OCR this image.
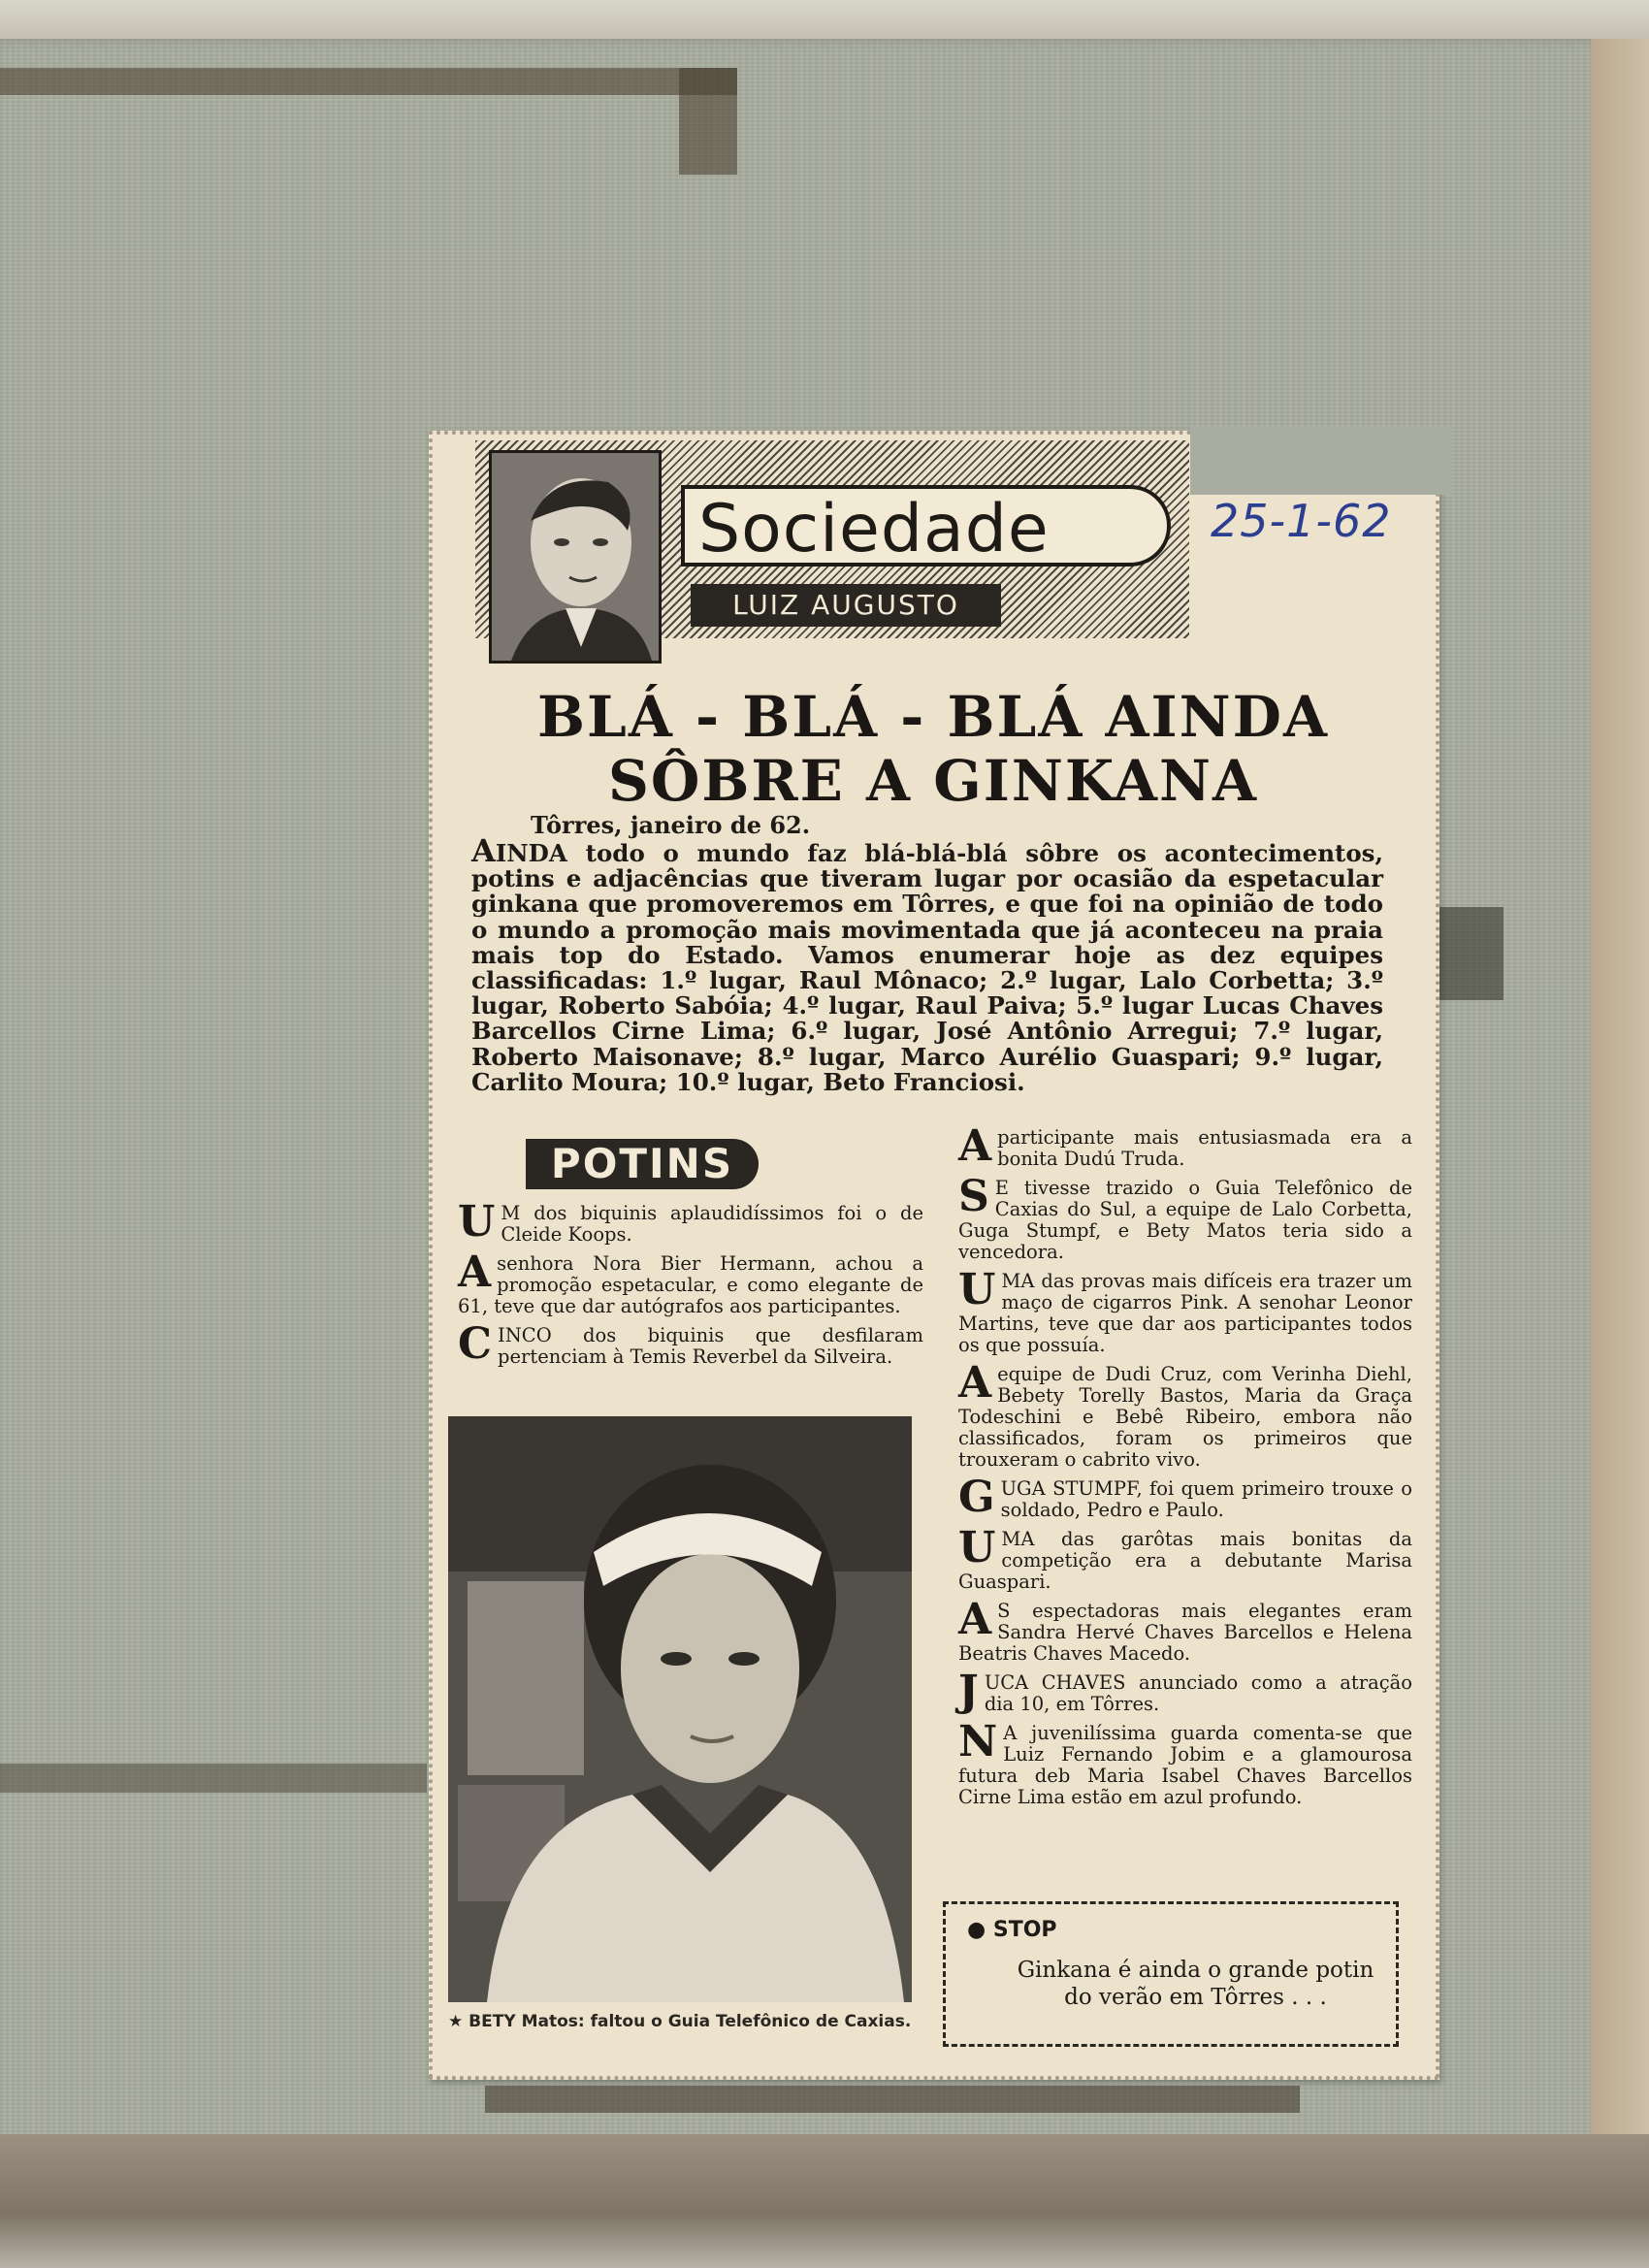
Sociedade
LUIZ AUGUSTO
25-1-62
BLÁ - BLÁ - BLÁ AINDA
SÔBRE A GINKANA
Tôrres, janeiro de 62.
AINDA todo o mundo faz blá-blá-blá sôbre os acontecimentos, potins e adjacências que tiveram lugar por ocasião da espetacular ginkana que promoveremos em Tôrres, e que foi na opinião de todo o mundo a promoção mais movimentada que já aconteceu na praia mais top do Estado. Vamos enumerar hoje as dez equipes classificadas: 1.º lugar, Raul Mônaco; 2.º lugar, Lalo Corbetta; 3.º lugar, Roberto Sabóia; 4.º lugar, Raul Paiva; 5.º lugar Lucas Chaves Barcellos Cirne Lima; 6.º lugar, José Antônio Arregui; 7.º lugar, Roberto Maisonave; 8.º lugar, Marco Aurélio Guaspari; 9.º lugar, Carlito Moura; 10.º lugar, Beto Franciosi.
POTINS

U M dos biquinis aplaudidíssimos foi o de Cleide Koops.

A senhora Nora Bier Hermann, achou a promoção espetacular, e como elegante de 61, teve que dar autógrafos aos participantes.

CINCO dos biquinis que desfilaram pertenciam à Temis Reverbel da Silveira.

★ BETY Matos: faltou o Guia Telefônico de Caxias.

A participante mais entusiasmada era a bonita Dudú Truda.

S E tivesse trazido o Guia Telefônico de Caxias do Sul, a equipe de Lalo Corbetta, Guga Stumpf, e Bety Matos teria sido a vencedora.

UMA das provas mais difíceis era trazer um maço de cigarros Pink. A senohar Leonor Martins, teve que dar aos participantes todos os que possuía.

A equipe de Dudi Cruz, com Verinha Diehl, Bebety Torelly Bastos, Maria da Graça Todeschini e Bebê Ribeiro, embora não classificados, foram os primeiros que trouxeram o cabrito vivo.

GUGA STUMPF, foi quem primeiro trouxe o soldado, Pedro e Paulo.

UMA das garôtas mais bonitas da competição era a debutante Marisa Guaspari.

A S espectadoras mais elegantes eram Sandra Hervé Chaves Barcellos e Helena Beatris Chaves Macedo.

JUCA CHAVES anunciado como a atração dia 10, em Tôrres.

N A juvenilíssima guarda comenta-se que Luiz Fernando Jobim e a glamourosa futura deb Maria Isabel Chaves Barcellos Cirne Lima estão em azul profundo.

● STOP
Ginkana é ainda o grande potin do verão em Tôrres . . .
